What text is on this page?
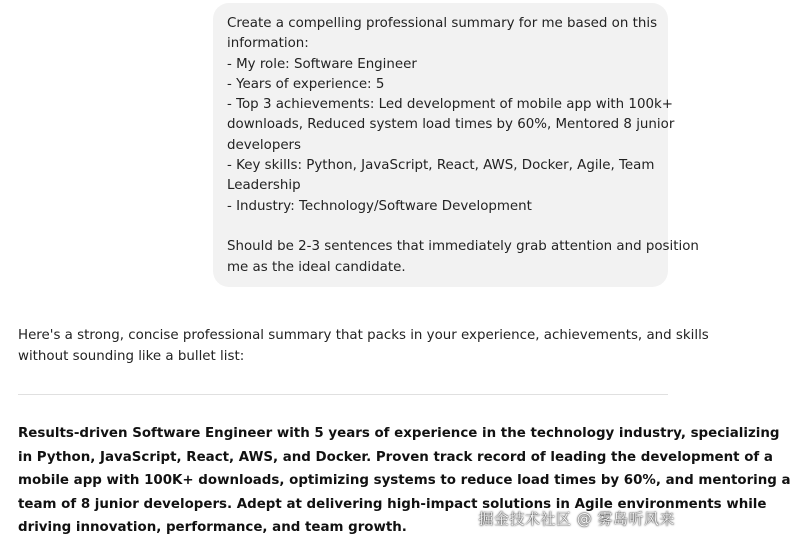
Create a compelling professional summary for me based on this
information:
- My role: Software Engineer
- Years of experience: 5
- Top 3 achievements: Led development of mobile app with 100k+
downloads, Reduced system load times by 60%, Mentored 8 junior
developers
- Key skills: Python, JavaScript, React, AWS, Docker, Agile, Team
Leadership
- Industry: Technology/Software Development
Should be 2-3 sentences that immediately grab attention and position
me as the ideal candidate.
Here's a strong, concise professional summary that packs in your experience, achievements, and skills
without sounding like a bullet list:
Results-driven Software Engineer with 5 years of experience in the technology industry, specializing
in Python, JavaScript, React, AWS, and Docker. Proven track record of leading the development of a
mobile app with 100K+ downloads, optimizing systems to reduce load times by 60%, and mentoring a
team of 8 junior developers. Adept at delivering high-impact solutions in Agile environments while
driving innovation, performance, and team growth.	掘金技术社区 @ 雾岛听风来
